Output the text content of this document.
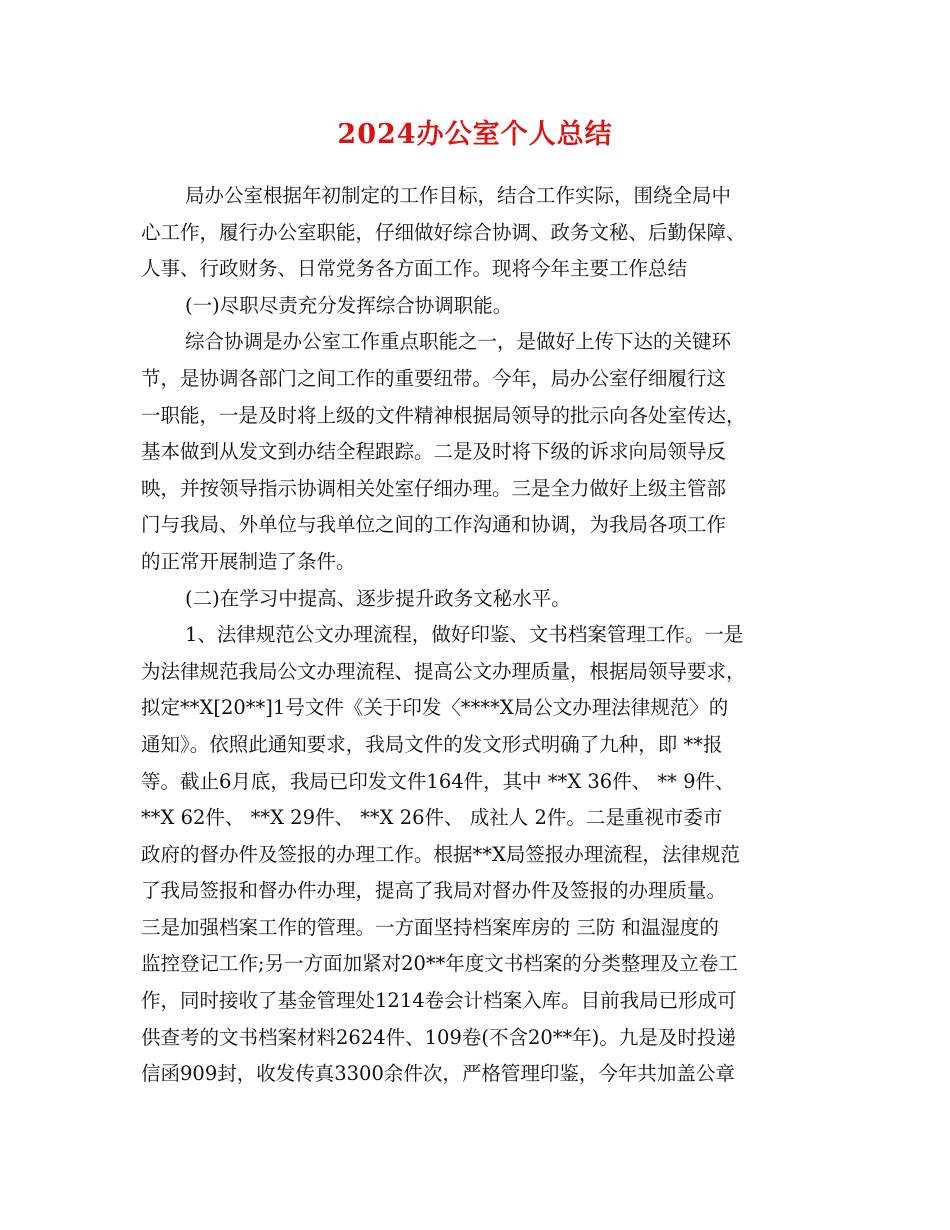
2024办公室个人总结
局办公室根据年初制定的工作目标，结合工作实际，围绕全局中
心工作，履行办公室职能，仔细做好综合协调、政务文秘、后勤保障、
人事、行政财务、日常党务各方面工作。现将今年主要工作总结
(一)尽职尽责充分发挥综合协调职能。
综合协调是办公室工作重点职能之一，是做好上传下达的关键环
节，是协调各部门之间工作的重要纽带。今年，局办公室仔细履行这
一职能，一是及时将上级的文件精神根据局领导的批示向各处室传达，
基本做到从发文到办结全程跟踪。二是及时将下级的诉求向局领导反
映，并按领导指示协调相关处室仔细办理。三是全力做好上级主管部
门与我局、外单位与我单位之间的工作沟通和协调，为我局各项工作
的正常开展制造了条件。
(二)在学习中提高、逐步提升政务文秘水平。
1、法律规范公文办理流程，做好印鉴、文书档案管理工作。一是
为法律规范我局公文办理流程、提高公文办理质量，根据局领导要求，
拟定**X[20**]1号文件《关于印发〈****X局公文办理法律规范〉的
通知》。依照此通知要求，我局文件的发文形式明确了九种，即 **报
等。截止6月底，我局已印发文件164件，其中 **X 36件、 ** 9件、
**X 62件、 **X 29件、 **X 26件、 成社人 2件。二是重视市委市
政府的督办件及签报的办理工作。根据**X局签报办理流程，法律规范
了我局签报和督办件办理，提高了我局对督办件及签报的办理质量。
三是加强档案工作的管理。一方面坚持档案库房的 三防 和温湿度的
监控登记工作;另一方面加紧对20**年度文书档案的分类整理及立卷工
作，同时接收了基金管理处1214卷会计档案入库。目前我局已形成可
供查考的文书档案材料2624件、109卷(不含20**年)。九是及时投递
信函909封，收发传真3300余件次，严格管理印鉴，今年共加盖公章
